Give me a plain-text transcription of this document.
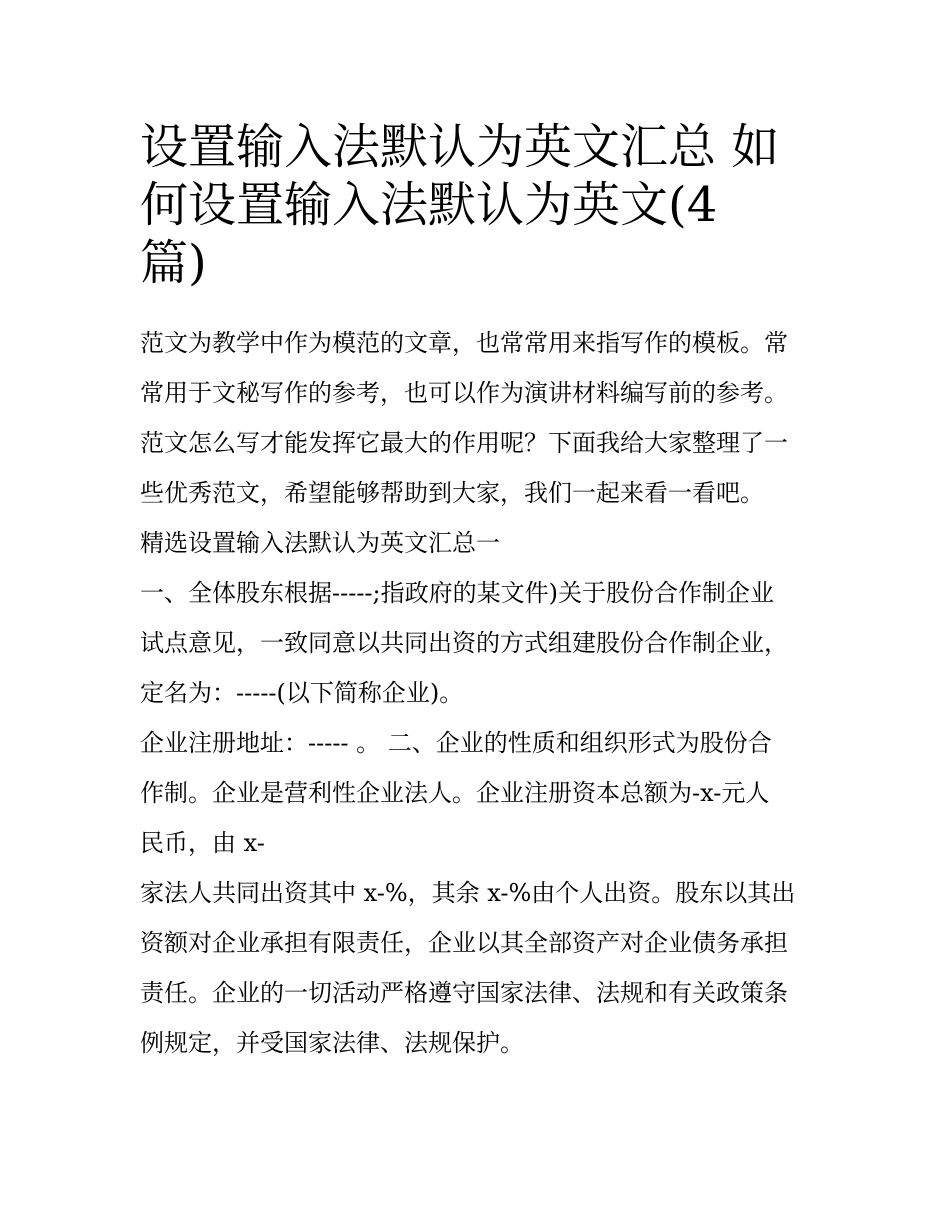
设置输入法默认为英文汇总 如
何设置输入法默认为英文(4
篇)
范文为教学中作为模范的文章，也常常用来指写作的模板。常
常用于文秘写作的参考，也可以作为演讲材料编写前的参考。
范文怎么写才能发挥它最大的作用呢？下面我给大家整理了一
些优秀范文，希望能够帮助到大家，我们一起来看一看吧。
精选设置输入法默认为英文汇总一
一、全体股东根据-----;指政府的某文件)关于股份合作制企业
试点意见，一致同意以共同出资的方式组建股份合作制企业，
定名为：-----(以下简称企业)。
企业注册地址：----- 。 二、企业的性质和组织形式为股份合
作制。企业是营利性企业法人。企业注册资本总额为-x-元人
民币，由 x-
家法人共同出资其中 x-%，其余 x-%由个人出资。股东以其出
资额对企业承担有限责任，企业以其全部资产对企业债务承担
责任。企业的一切活动严格遵守国家法律、法规和有关政策条
例规定，并受国家法律、法规保护。
